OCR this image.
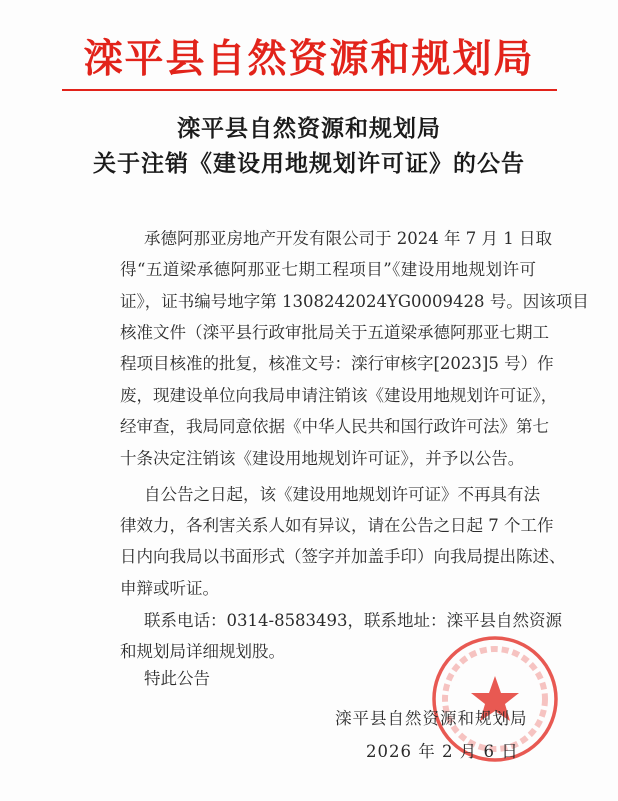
滦平县自然资源和规划局
滦平县自然资源和规划局
关于注销《建设用地规划许可证》的公告
承德阿那亚房地产开发有限公司于 2024 年 7 月 1 日取
得“五道梁承德阿那亚七期工程项目”《建设用地规划许可
证》，证书编号地字第 1308242024YG0009428 号。因该项目
核准文件（滦平县行政审批局关于五道梁承德阿那亚七期工
程项目核准的批复，核准文号：滦行审核字[2023]5 号）作
废，现建设单位向我局申请注销该《建设用地规划许可证》，
经审查，我局同意依据《中华人民共和国行政许可法》第七
十条决定注销该《建设用地规划许可证》，并予以公告。
自公告之日起，该《建设用地规划许可证》不再具有法
律效力，各利害关系人如有异议，请在公告之日起 7 个工作
日内向我局以书面形式（签字并加盖手印）向我局提出陈述、
申辩或听证。
联系电话：0314-8583493，联系地址：滦平县自然资源
和规划局详细规划股。
特此公告
滦平县自然资源和规划局
2026 年 2 月 6 日
